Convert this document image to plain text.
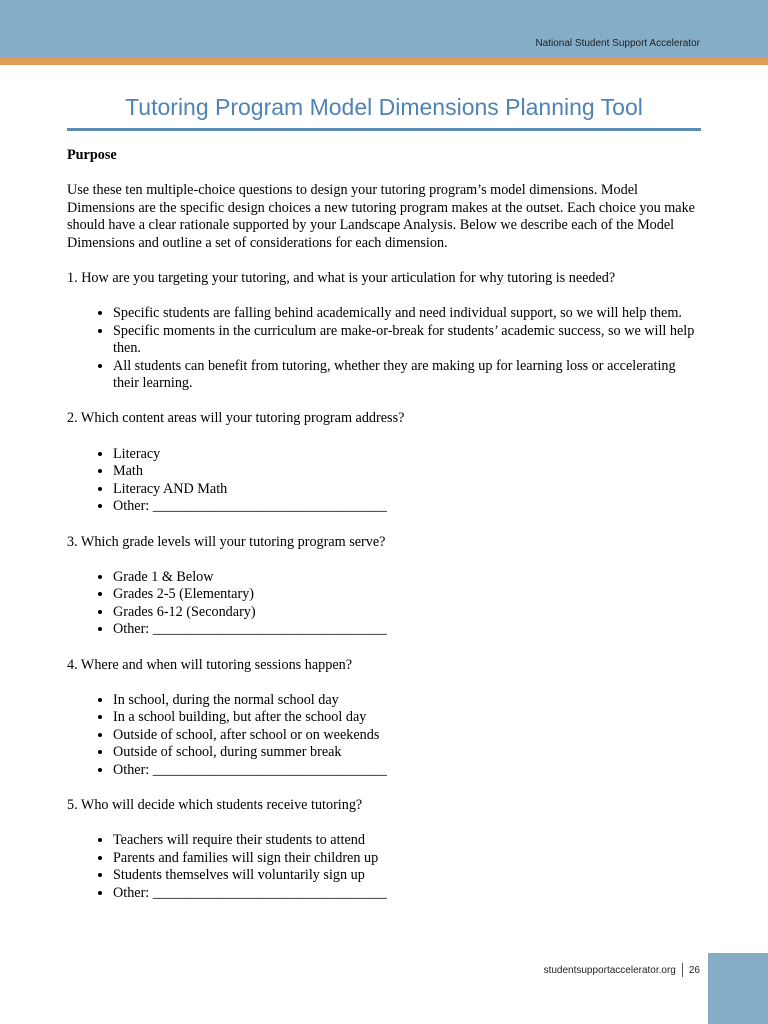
National Student Support Accelerator
Tutoring Program Model Dimensions Planning Tool

Purpose

Use these ten multiple-choice questions to design your tutoring program’s model dimensions. Model Dimensions are the specific design choices a new tutoring program makes at the outset. Each choice you make should have a clear rationale supported by your Landscape Analysis. Below we describe each of the Model Dimensions and outline a set of considerations for each dimension.

1. How are you targeting your tutoring, and what is your articulation for why tutoring is needed?

• Specific students are falling behind academically and need individual support, so we will help them.
• Specific moments in the curriculum are make-or-break for students’ academic success, so we will help then.
• All students can benefit from tutoring, whether they are making up for learning loss or accelerating their learning.

2. Which content areas will your tutoring program address?

• Literacy
• Math
• Literacy AND Math
• Other: _________________________________

3. Which grade levels will your tutoring program serve?

• Grade 1 & Below
• Grades 2-5 (Elementary)
• Grades 6-12 (Secondary)
• Other: _________________________________

4. Where and when will tutoring sessions happen?

• In school, during the normal school day
• In a school building, but after the school day
• Outside of school, after school or on weekends
• Outside of school, during summer break
• Other: _________________________________

5. Who will decide which students receive tutoring?

• Teachers will require their students to attend
• Parents and families will sign their children up
• Students themselves will voluntarily sign up
• Other: _________________________________
studentsupportaccelerator.org 26
